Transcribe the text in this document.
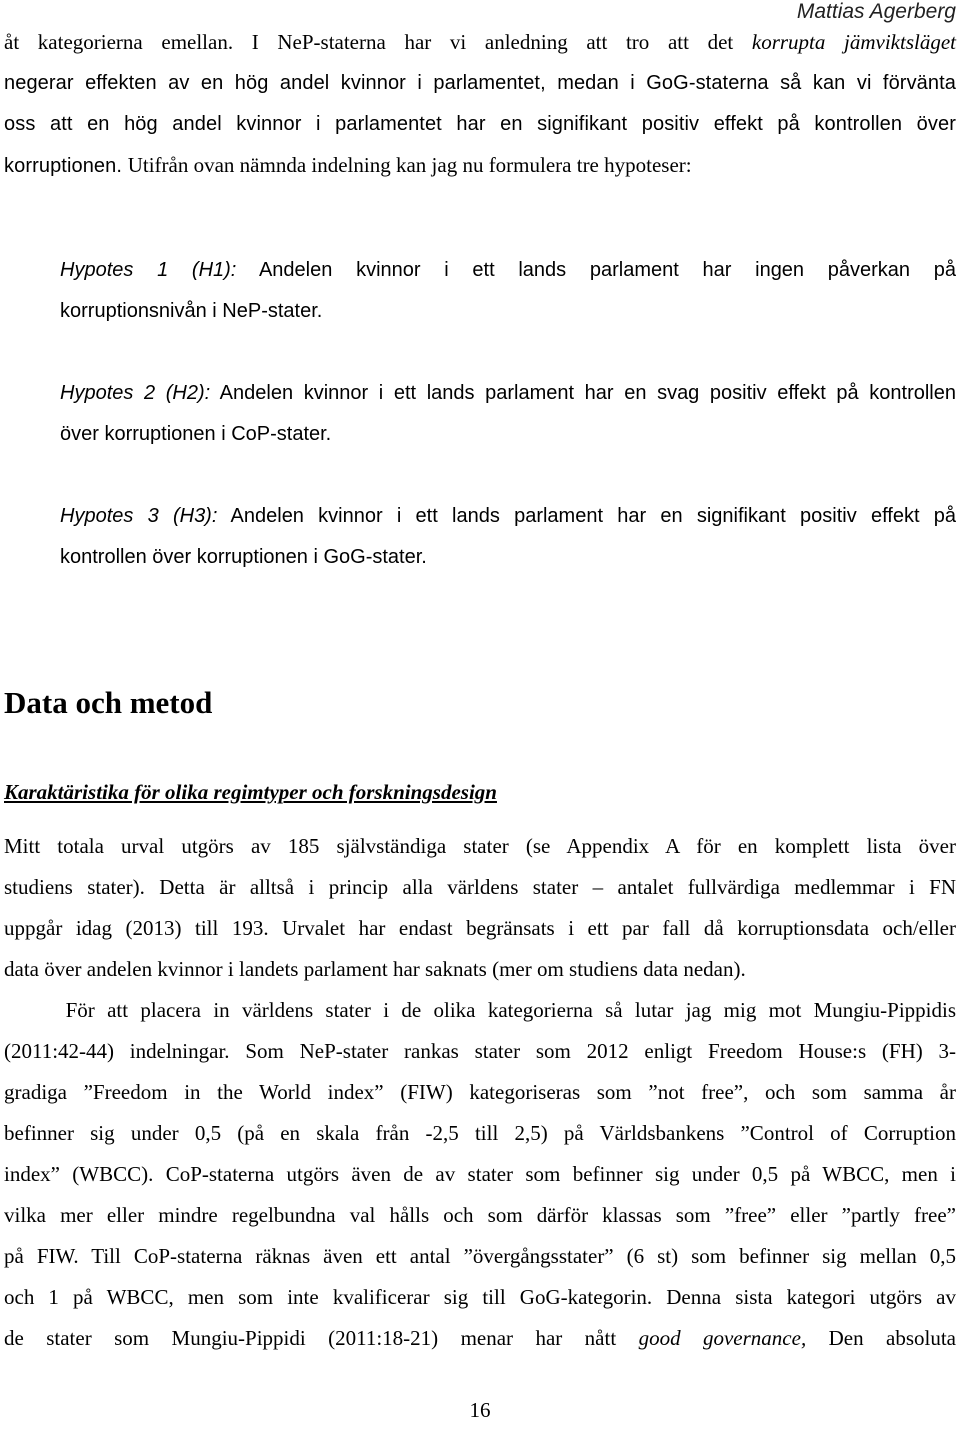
Mattias Agerberg
åt kategorierna emellan. I NeP-staterna har vi anledning att tro att det korrupta jämviktsläget
negerar effekten av en hög andel kvinnor i parlamentet, medan i GoG-staterna så kan vi förvänta
oss att en hög andel kvinnor i parlamentet har en signifikant positiv effekt på kontrollen över
korruptionen. Utifrån ovan nämnda indelning kan jag nu formulera tre hypoteser:
Hypotes 1 (H1): Andelen kvinnor i ett lands parlament har ingen påverkan på
korruptionsnivån i NeP-stater.
Hypotes 2 (H2): Andelen kvinnor i ett lands parlament har en svag positiv effekt på kontrollen
över korruptionen i CoP-stater.
Hypotes 3 (H3): Andelen kvinnor i ett lands parlament har en signifikant positiv effekt på
kontrollen över korruptionen i GoG-stater.
Data och metod
Karaktäristika för olika regimtyper och forskningsdesign
Mitt totala urval utgörs av 185 självständiga stater (se Appendix A för en komplett lista över
studiens stater). Detta är alltså i princip alla världens stater – antalet fullvärdiga medlemmar i FN
uppgår idag (2013) till 193. Urvalet har endast begränsats i ett par fall då korruptionsdata och/eller
data över andelen kvinnor i landets parlament har saknats (mer om studiens data nedan).
För att placera in världens stater i de olika kategorierna så lutar jag mig mot Mungiu-Pippidis
(2011:42-44) indelningar. Som NeP-stater rankas stater som 2012 enligt Freedom House:s (FH) 3-
gradiga ”Freedom in the World index” (FIW) kategoriseras som ”not free”, och som samma år
befinner sig under 0,5 (på en skala från -2,5 till 2,5) på Världsbankens ”Control of Corruption
index” (WBCC). CoP-staterna utgörs även de av stater som befinner sig under 0,5 på WBCC, men i
vilka mer eller mindre regelbundna val hålls och som därför klassas som ”free” eller ”partly free”
på FIW. Till CoP-staterna räknas även ett antal ”övergångsstater” (6 st) som befinner sig mellan 0,5
och 1 på WBCC, men som inte kvalificerar sig till GoG-kategorin. Denna sista kategori utgörs av
de stater som Mungiu-Pippidi (2011:18-21) menar har nått good governance, Den absoluta
16
